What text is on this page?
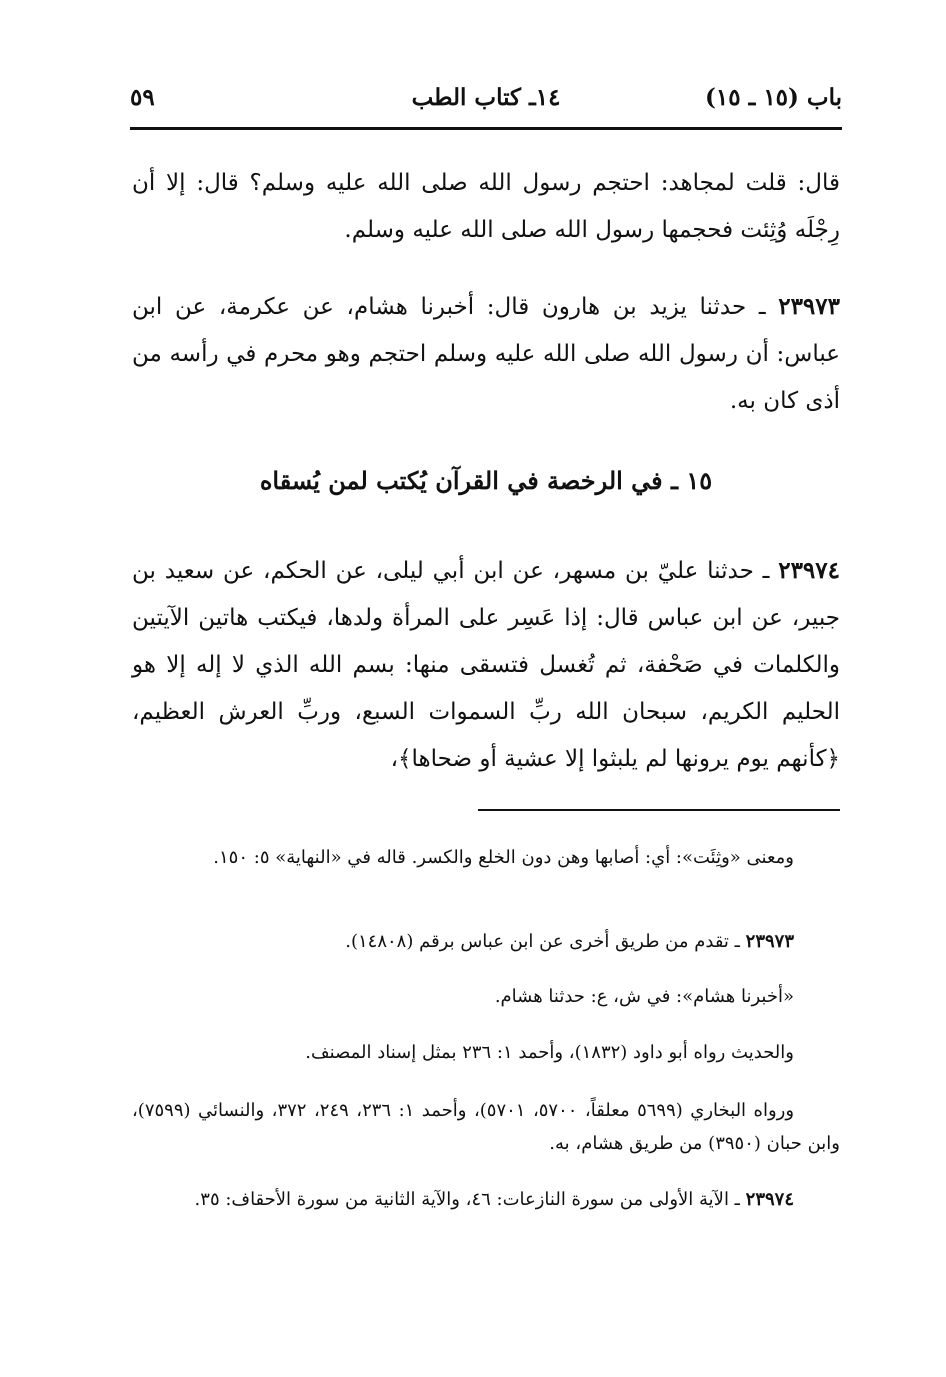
باب (١٥ ـ ١٥)
١٤ـ كتاب الطب
٥٩

قال: قلت لمجاهد: احتجم رسول الله صلى الله عليه وسلم؟ قال: إلا أن رِجْلَه وُثِئت فحجمها رسول الله صلى الله عليه وسلم.

٢٣٩٧٣ ـ حدثنا يزيد بن هارون قال: أخبرنا هشام، عن عكرمة، عن ابن عباس: أن رسول الله صلى الله عليه وسلم احتجم وهو محرم في رأسه من أذى كان به.

١٥ ـ في الرخصة في القرآن يُكتب لمن يُسقاه

٢٣٩٧٤ ـ حدثنا عليّ بن مسهر، عن ابن أبي ليلى، عن الحكم، عن سعيد بن جبير، عن ابن عباس قال: إذا عَسِر على المرأة ولدها، فيكتب هاتين الآيتين والكلمات في صَحْفة، ثم تُغسل فتسقى منها: بسم الله الذي لا إله إلا هو الحليم الكريم، سبحان الله ربِّ السموات السبع، وربِّ العرش العظيم، ﴿كأنهم يوم يرونها لم يلبثوا إلا عشية أو ضحاها﴾،

ومعنى «وثِئَت»: أي: أصابها وهن دون الخلع والكسر. قاله في «النهاية» ٥: ١٥٠.

٢٣٩٧٣ ـ تقدم من طريق أخرى عن ابن عباس برقم (١٤٨٠٨).

«أخبرنا هشام»: في ش، ع: حدثنا هشام.

والحديث رواه أبو داود (١٨٣٢)، وأحمد ١: ٢٣٦ بمثل إسناد المصنف.

ورواه البخاري (٥٦٩٩ معلقاً، ٥٧٠٠، ٥٧٠١)، وأحمد ١: ٢٣٦، ٢٤٩، ٣٧٢، والنسائي (٧٥٩٩)، وابن حبان (٣٩٥٠) من طريق هشام، به.

٢٣٩٧٤ ـ الآية الأولى من سورة النازعات: ٤٦، والآية الثانية من سورة الأحقاف: ٣٥.
